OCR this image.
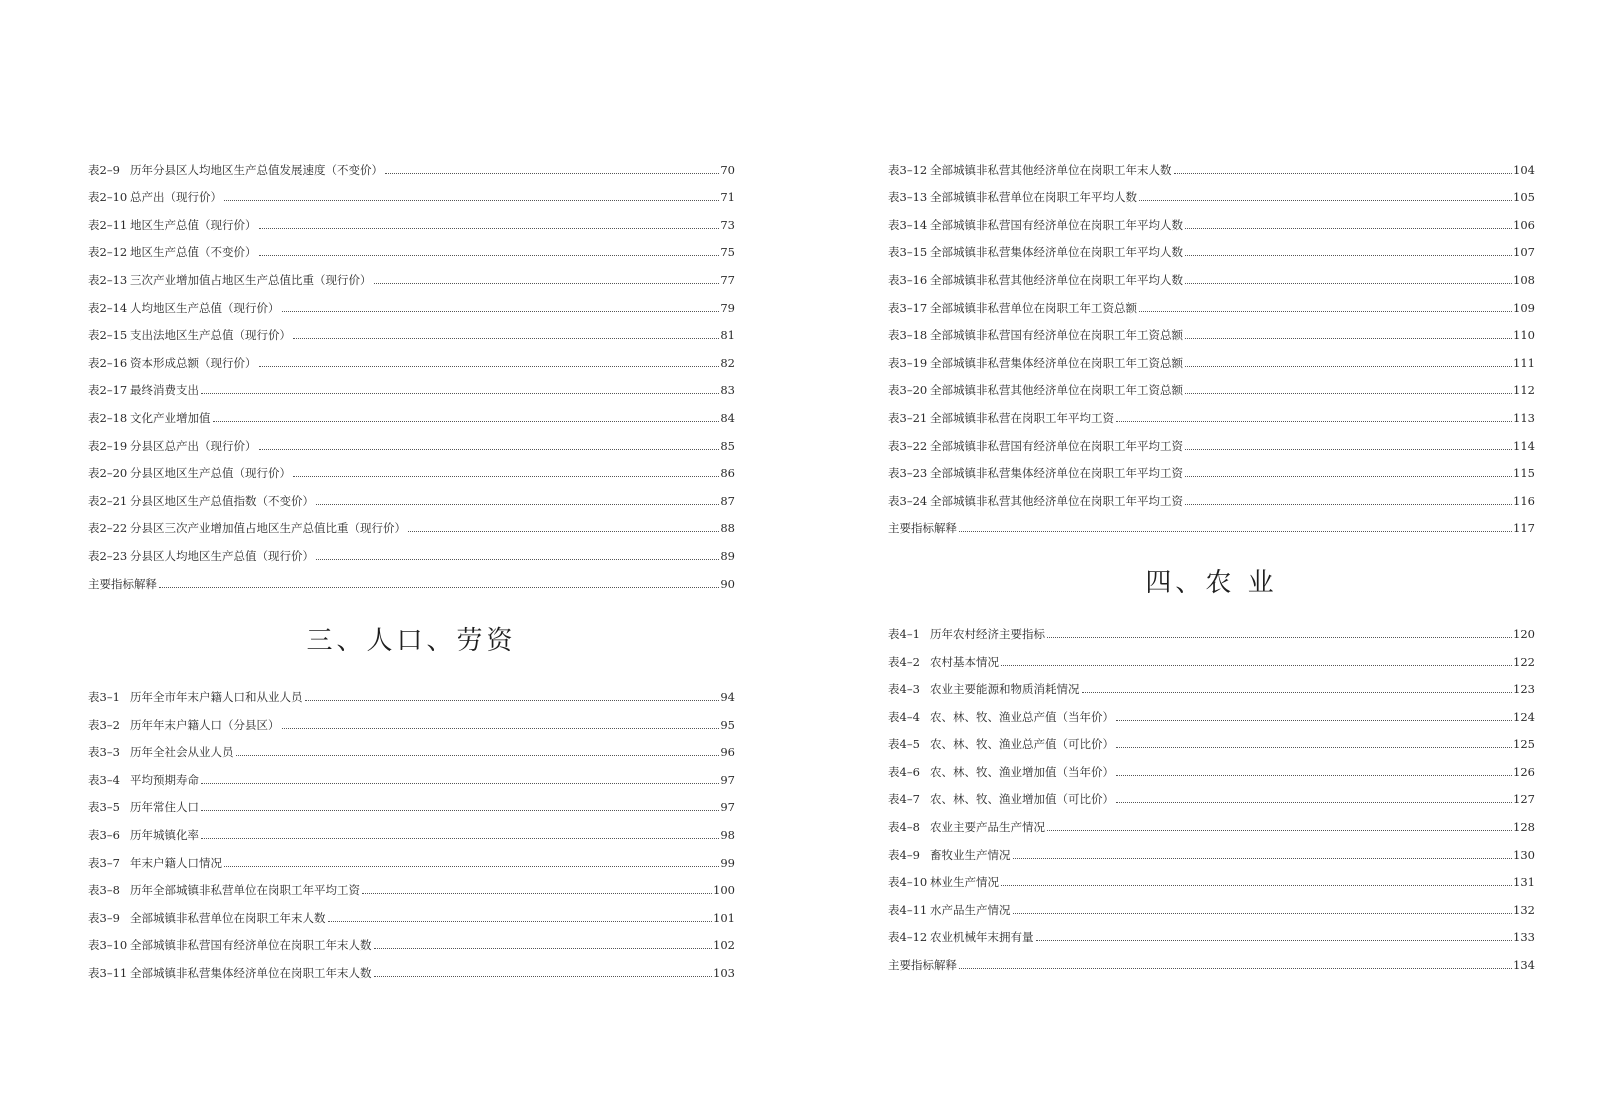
表2–9 历年分县区人均地区生产总值发展速度（不变价）	70
表2–10 总产出（现行价）	71
表2–11 地区生产总值（现行价）	73
表2–12 地区生产总值（不变价）	75
表2–13 三次产业增加值占地区生产总值比重（现行价）	77
表2–14 人均地区生产总值（现行价）	79
表2–15 支出法地区生产总值（现行价）	81
表2–16 资本形成总额（现行价）	82
表2–17 最终消费支出	83
表2–18 文化产业增加值	84
表2–19 分县区总产出（现行价）	85
表2–20 分县区地区生产总值（现行价）	86
表2–21 分县区地区生产总值指数（不变价）	87
表2–22 分县区三次产业增加值占地区生产总值比重（现行价）	88
表2–23 分县区人均地区生产总值（现行价）	89
主要指标解释	90
三、人口、劳资
表3–1 历年全市年末户籍人口和从业人员	94
表3–2 历年年末户籍人口（分县区）	95
表3–3 历年全社会从业人员	96
表3–4 平均预期寿命	97
表3–5 历年常住人口	97
表3–6 历年城镇化率	98
表3–7 年末户籍人口情况	99
表3–8 历年全部城镇非私营单位在岗职工年平均工资	100
表3–9 全部城镇非私营单位在岗职工年末人数	101
表3–10 全部城镇非私营国有经济单位在岗职工年末人数	102
表3–11 全部城镇非私营集体经济单位在岗职工年末人数	103
表3–12 全部城镇非私营其他经济单位在岗职工年末人数	104
表3–13 全部城镇非私营单位在岗职工年平均人数	105
表3–14 全部城镇非私营国有经济单位在岗职工年平均人数	106
表3–15 全部城镇非私营集体经济单位在岗职工年平均人数	107
表3–16 全部城镇非私营其他经济单位在岗职工年平均人数	108
表3–17 全部城镇非私营单位在岗职工年工资总额	109
表3–18 全部城镇非私营国有经济单位在岗职工年工资总额	110
表3–19 全部城镇非私营集体经济单位在岗职工年工资总额	111
表3–20 全部城镇非私营其他经济单位在岗职工年工资总额	112
表3–21 全部城镇非私营在岗职工年平均工资	113
表3–22 全部城镇非私营国有经济单位在岗职工年平均工资	114
表3–23 全部城镇非私营集体经济单位在岗职工年平均工资	115
表3–24 全部城镇非私营其他经济单位在岗职工年平均工资	116
主要指标解释	117
四、农 业
表4–1 历年农村经济主要指标	120
表4–2 农村基本情况	122
表4–3 农业主要能源和物质消耗情况	123
表4–4 农、林、牧、渔业总产值（当年价）	124
表4–5 农、林、牧、渔业总产值（可比价）	125
表4–6 农、林、牧、渔业增加值（当年价）	126
表4–7 农、林、牧、渔业增加值（可比价）	127
表4–8 农业主要产品生产情况	128
表4–9 畜牧业生产情况	130
表4–10 林业生产情况	131
表4–11 水产品生产情况	132
表4–12 农业机械年末拥有量	133
主要指标解释	134
